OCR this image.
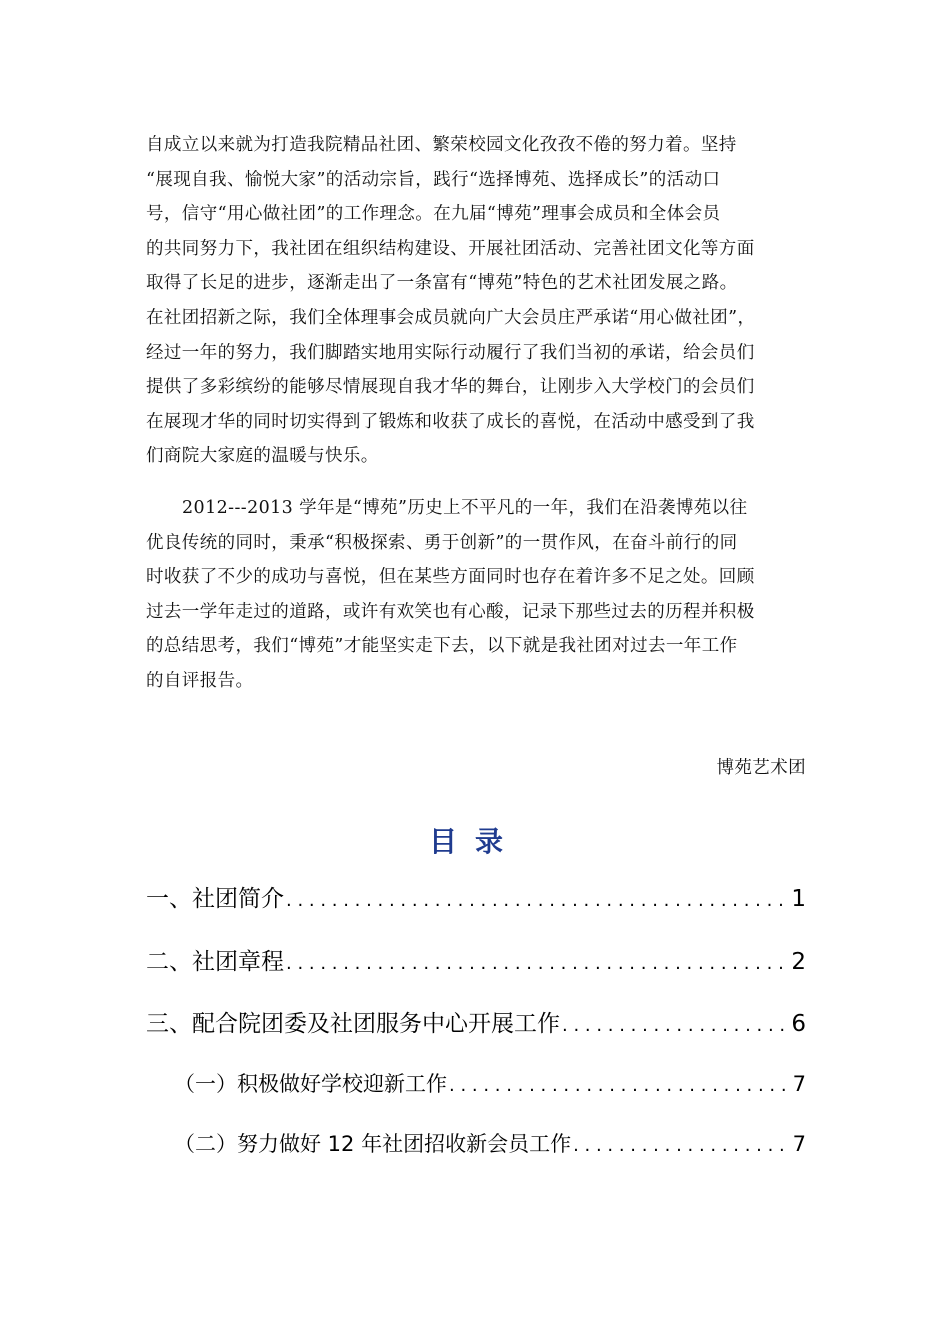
自成立以来就为打造我院精品社团、繁荣校园文化孜孜不倦的努力着。坚持
“展现自我、愉悦大家”的活动宗旨，践行“选择博苑、选择成长”的活动口
号，信守“用心做社团”的工作理念。在九届“博苑”理事会成员和全体会员
的共同努力下，我社团在组织结构建设、开展社团活动、完善社团文化等方面
取得了长足的进步，逐渐走出了一条富有“博苑”特色的艺术社团发展之路。
在社团招新之际，我们全体理事会成员就向广大会员庄严承诺“用心做社团”，
经过一年的努力，我们脚踏实地用实际行动履行了我们当初的承诺，给会员们
提供了多彩缤纷的能够尽情展现自我才华的舞台，让刚步入大学校门的会员们
在展现才华的同时切实得到了锻炼和收获了成长的喜悦，在活动中感受到了我
们商院大家庭的温暖与快乐。
2012---2013 学年是“博苑”历史上不平凡的一年，我们在沿袭博苑以往
优良传统的同时，秉承“积极探索、勇于创新”的一贯作风，在奋斗前行的同
时收获了不少的成功与喜悦，但在某些方面同时也存在着许多不足之处。回顾
过去一学年走过的道路，或许有欢笑也有心酸，记录下那些过去的历程并积极
的总结思考，我们“博苑”才能坚实走下去，以下就是我社团对过去一年工作
的自评报告。
博苑艺术团
目录
一、社团简介 . . .	1
二、社团章程 . . .	2
三、配合院团委及社团服务中心开展工作 . . .	6
（一）积极做好学校迎新工作 . . .	7
（二）努力做好 12 年社团招收新会员工作 . . .	7
